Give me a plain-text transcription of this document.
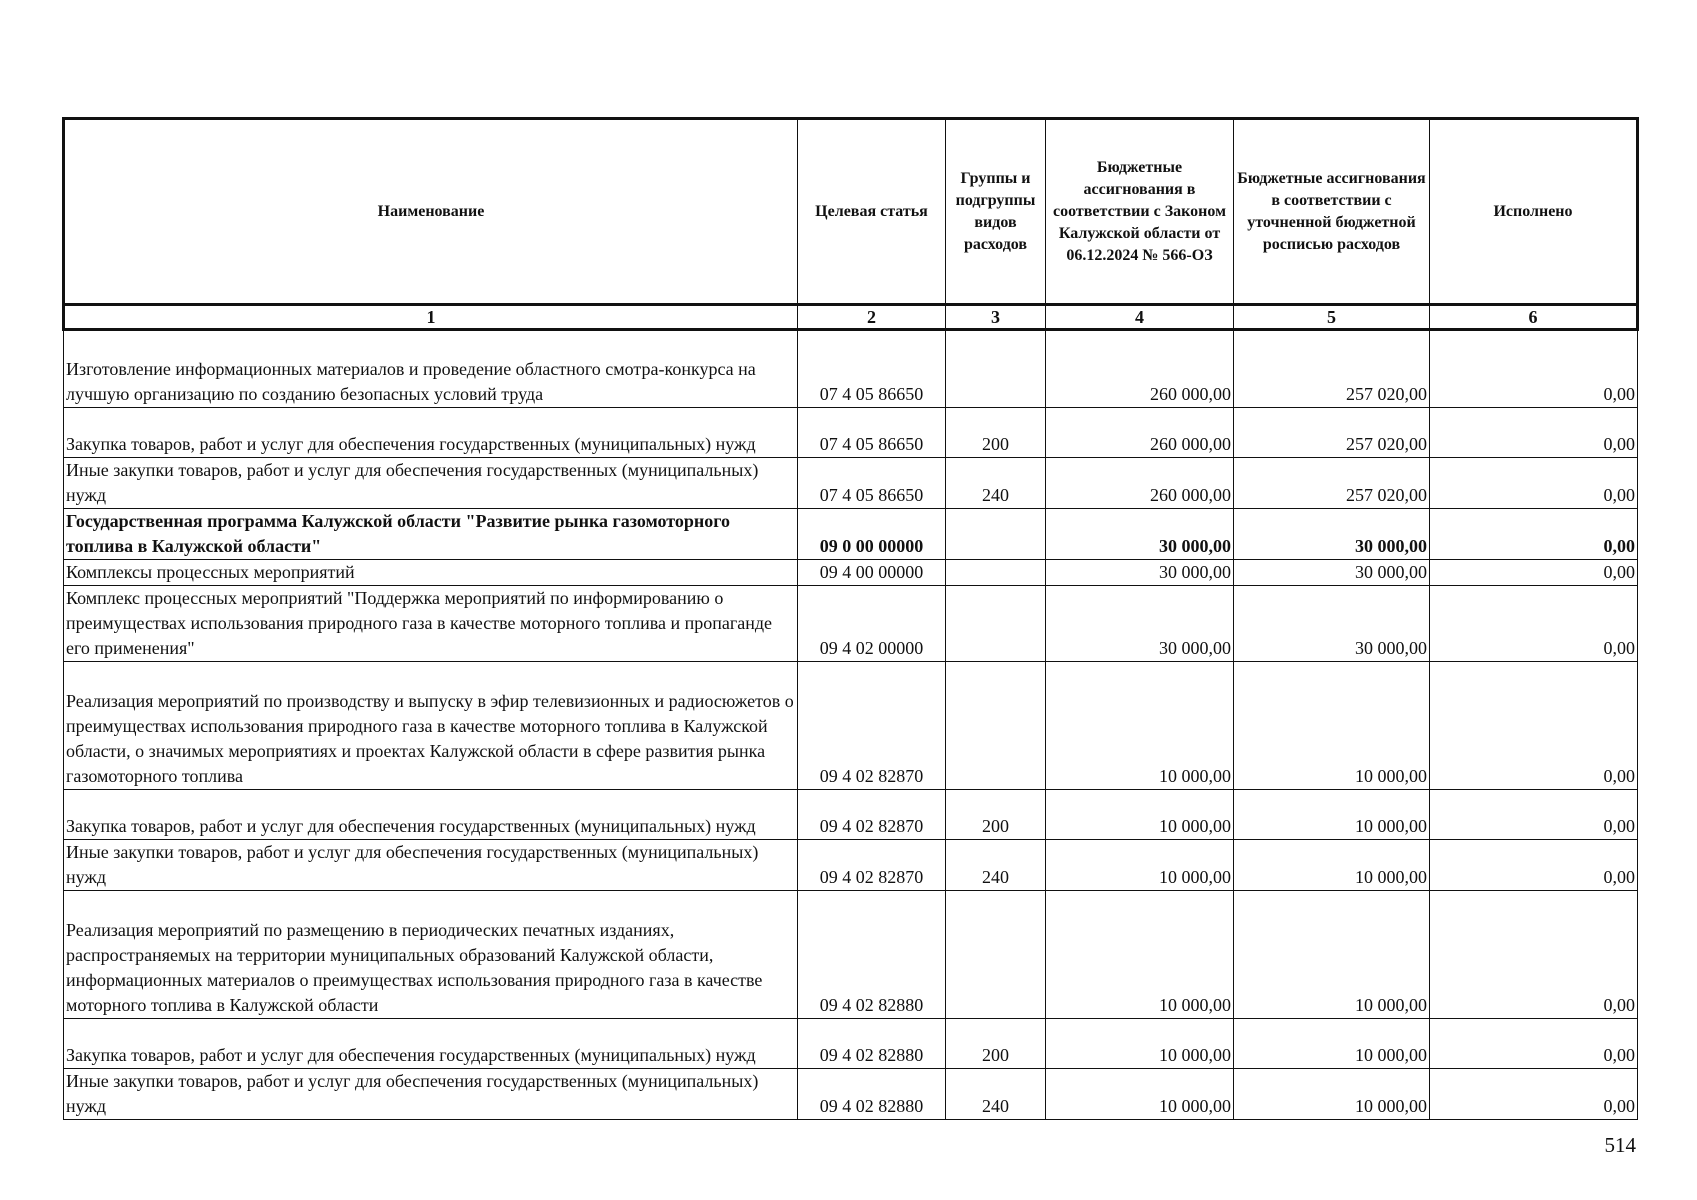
Наименование	Целевая статья	Группы и подгруппы видов расходов	Бюджетные ассигнования в соответствии с Законом Калужской области от 06.12.2024 № 566-ОЗ	Бюджетные ассигнования в соответствии с уточненной бюджетной росписью расходов	Исполнено
1	2	3	4	5	6
Изготовление информационных материалов и проведение областного смотра-конкурса на лучшую организацию по созданию безопасных условий труда	07 4 05 86650		260 000,00	257 020,00	0,00
Закупка товаров, работ и услуг для обеспечения государственных (муниципальных) нужд	07 4 05 86650	200	260 000,00	257 020,00	0,00
Иные закупки товаров, работ и услуг для обеспечения государственных (муниципальных) нужд	07 4 05 86650	240	260 000,00	257 020,00	0,00
Государственная программа Калужской области "Развитие рынка газомоторного топлива в Калужской области"	09 0 00 00000		30 000,00	30 000,00	0,00
Комплексы процессных мероприятий	09 4 00 00000		30 000,00	30 000,00	0,00
Комплекс процессных мероприятий "Поддержка мероприятий по информированию о преимуществах использования природного газа в качестве моторного топлива и пропаганде его применения"	09 4 02 00000		30 000,00	30 000,00	0,00
Реализация мероприятий по производству и выпуску в эфир телевизионных и радиосюжетов о преимуществах использования природного газа в качестве моторного топлива в Калужской области, о значимых мероприятиях и проектах Калужской области в сфере развития рынка газомоторного топлива	09 4 02 82870		10 000,00	10 000,00	0,00
Закупка товаров, работ и услуг для обеспечения государственных (муниципальных) нужд	09 4 02 82870	200	10 000,00	10 000,00	0,00
Иные закупки товаров, работ и услуг для обеспечения государственных (муниципальных) нужд	09 4 02 82870	240	10 000,00	10 000,00	0,00
Реализация мероприятий по размещению в периодических печатных изданиях, распространяемых на территории муниципальных образований Калужской области, информационных материалов о преимуществах использования природного газа в качестве моторного топлива в Калужской области	09 4 02 82880		10 000,00	10 000,00	0,00
Закупка товаров, работ и услуг для обеспечения государственных (муниципальных) нужд	09 4 02 82880	200	10 000,00	10 000,00	0,00
Иные закупки товаров, работ и услуг для обеспечения государственных (муниципальных) нужд	09 4 02 82880	240	10 000,00	10 000,00	0,00
514
